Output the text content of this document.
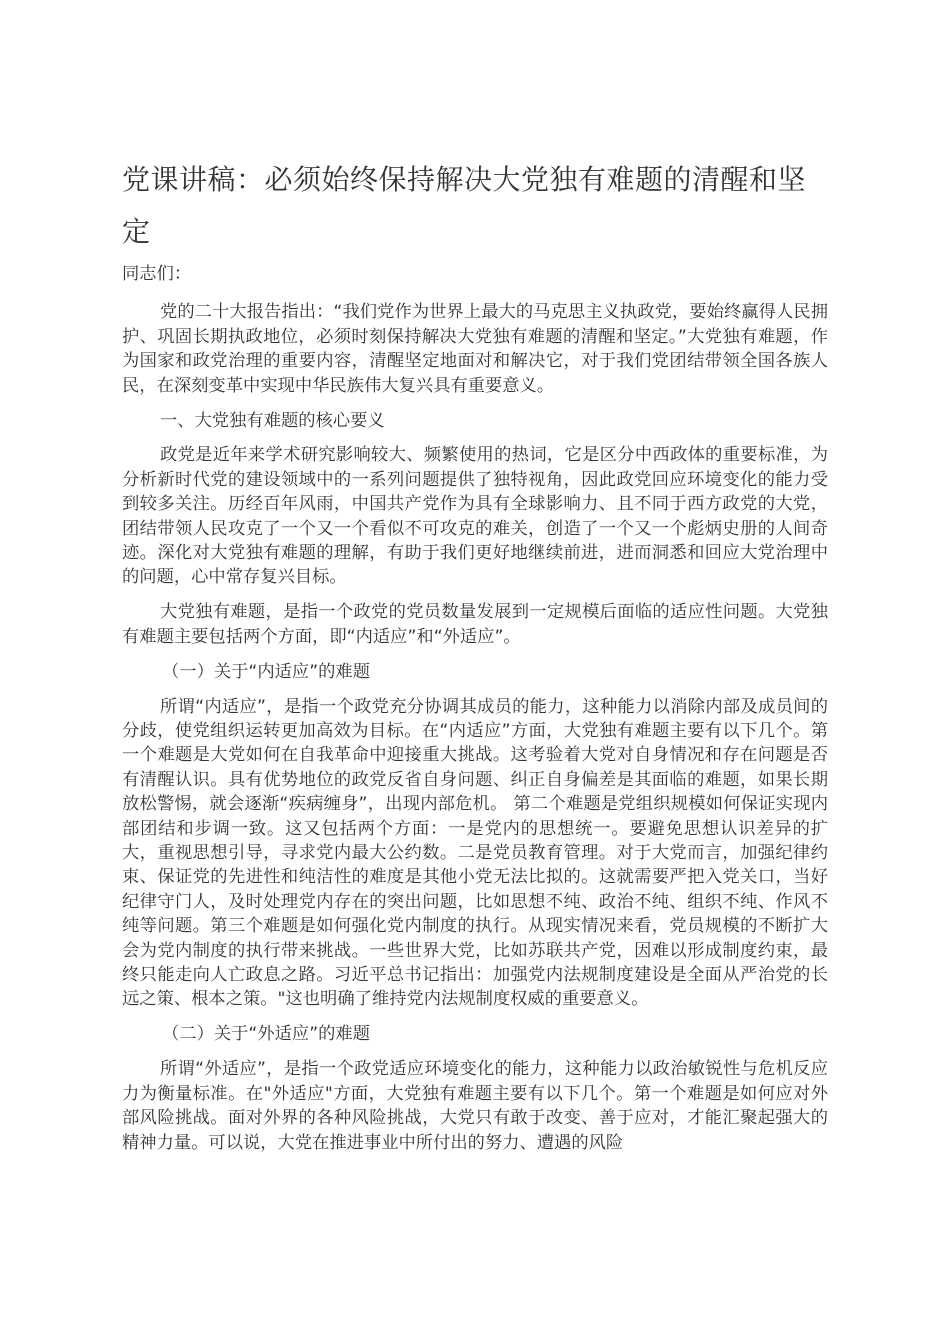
党课讲稿：必须始终保持解决大党独有难题的清醒和坚定

同志们：

党的二十大报告指出：“我们党作为世界上最大的马克思主义执政党，要始终赢得人民拥护、巩固长期执政地位，必须时刻保持解决大党独有难题的清醒和坚定。”大党独有难题，作为国家和政党治理的重要内容，清醒坚定地面对和解决它，对于我们党团结带领全国各族人民，在深刻变革中实现中华民族伟大复兴具有重要意义。

一、大党独有难题的核心要义

政党是近年来学术研究影响较大、频繁使用的热词，它是区分中西政体的重要标准，为分析新时代党的建设领域中的一系列问题提供了独特视角，因此政党回应环境变化的能力受到较多关注。历经百年风雨，中国共产党作为具有全球影响力、且不同于西方政党的大党，团结带领人民攻克了一个又一个看似不可攻克的难关，创造了一个又一个彪炳史册的人间奇迹。深化对大党独有难题的理解，有助于我们更好地继续前进，进而洞悉和回应大党治理中的问题，心中常存复兴目标。

大党独有难题，是指一个政党的党员数量发展到一定规模后面临的适应性问题。大党独有难题主要包括两个方面，即“内适应”和“外适应”。

（一）关于“内适应”的难题

所谓“内适应”，是指一个政党充分协调其成员的能力，这种能力以消除内部及成员间的分歧，使党组织运转更加高效为目标。在“内适应”方面，大党独有难题主要有以下几个。第一个难题是大党如何在自我革命中迎接重大挑战。这考验着大党对自身情况和存在问题是否有清醒认识。具有优势地位的政党反省自身问题、纠正自身偏差是其面临的难题，如果长期放松警惕，就会逐渐“疾病缠身”，出现内部危机。 第二个难题是党组织规模如何保证实现内部团结和步调一致。这又包括两个方面：一是党内的思想统一。要避免思想认识差异的扩大，重视思想引导，寻求党内最大公约数。二是党员教育管理。对于大党而言，加强纪律约束、保证党的先进性和纯洁性的难度是其他小党无法比拟的。这就需要严把入党关口，当好纪律守门人，及时处理党内存在的突出问题，比如思想不纯、政治不纯、组织不纯、作风不纯等问题。第三个难题是如何强化党内制度的执行。从现实情况来看，党员规模的不断扩大会为党内制度的执行带来挑战。一些世界大党，比如苏联共产党，因难以形成制度约束，最终只能走向人亡政息之路。习近平总书记指出：加强党内法规制度建设是全面从严治党的长远之策、根本之策。"这也明确了维持党内法规制度权威的重要意义。

（二）关于“外适应”的难题

所谓“外适应”，是指一个政党适应环境变化的能力，这种能力以政治敏锐性与危机反应力为衡量标准。在"外适应"方面，大党独有难题主要有以下几个。第一个难题是如何应对外部风险挑战。面对外界的各种风险挑战，大党只有敢于改变、善于应对，才能汇聚起强大的精神力量。可以说，大党在推进事业中所付出的努力、遭遇的风险
